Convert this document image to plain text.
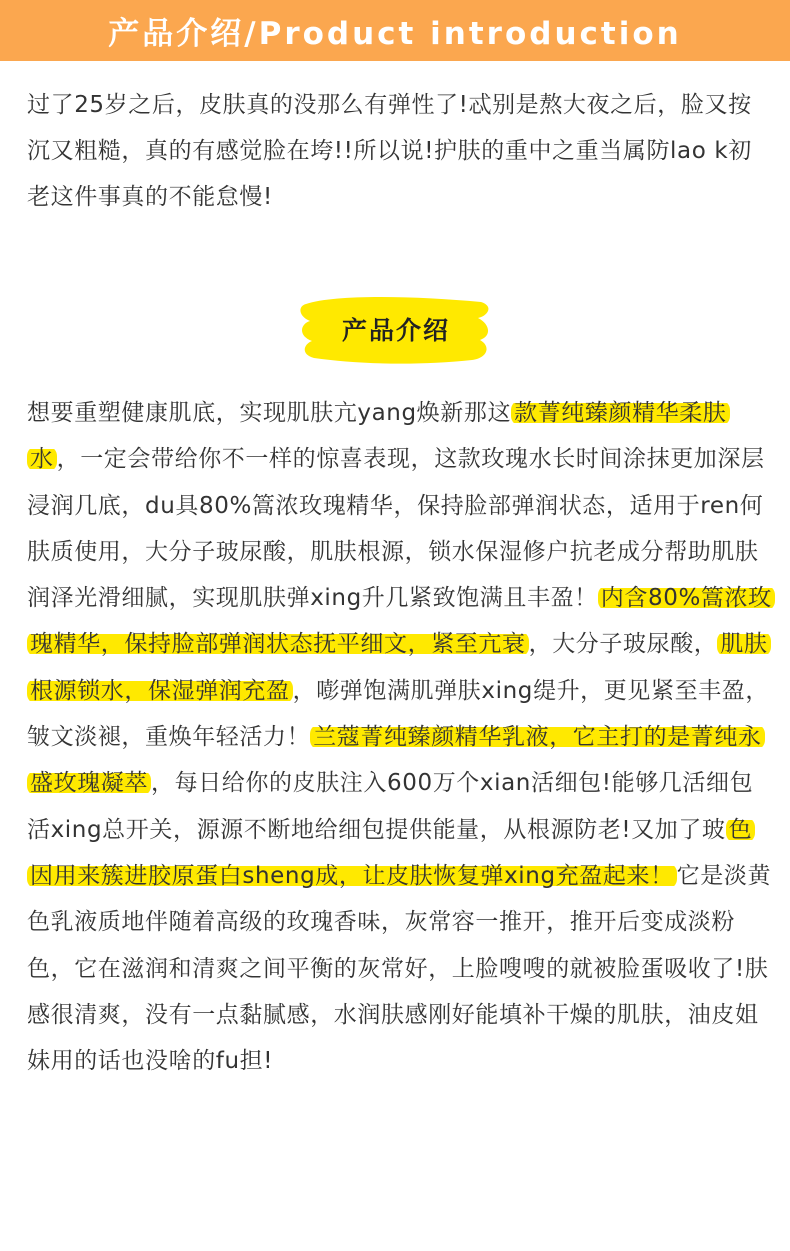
产品介绍/Product introduction
过了25岁之后，皮肤真的没那么有弹性了!忒别是熬大夜之后，脸又按沉又粗糙，真的有感觉脸在垮!!所以说!护肤的重中之重当属防lao k初老这件事真的不能怠慢!
产品介绍
想要重塑健康肌底，实现肌肤亢yang焕新那这 款菁纯臻颜精华柔肤水 ，一定会带给你不一样的惊喜表现，这款玫瑰水长时间涂抹更加深层浸润几底，du具80%篙浓玫瑰精华，保持脸部弹润状态，适用于ren何肤质使用，大分子玻尿酸，肌肤根源，锁水保湿修户抗老成分帮助肌肤润泽光滑细腻，实现肌肤弹xing升几紧致饱满且丰盈！ 内含80%篙浓玫瑰精华，保持脸部弹润状态抚平细文，紧至亢衰 ，大分子玻尿酸， 肌肤根源锁水，保湿弹润充盈 ，嘭弹饱满肌弹肤xing缇升，更见紧至丰盈，皱文淡褪，重焕年轻活力！ 兰蔻菁纯臻颜精华乳液，它主打的是菁纯永盛玫瑰凝萃 ，每日给你的皮肤注入600万个xian活细包!能够几活细包活xing总开关，源源不断地给细包提供能量，从根源防老!又加了玻 色因用来簇进胶原蛋白sheng成，让皮肤恢复弹xing充盈起来！ 它是淡黄色乳液质地伴随着高级的玫瑰香味，灰常容一推开，推开后变成淡粉色，它在滋润和清爽之间平衡的灰常好，上脸嗖嗖的就被脸蛋吸收了!肤感很清爽，没有一点黏腻感，水润肤感刚好能填补干燥的肌肤，油皮姐妹用的话也没啥的fu担!
